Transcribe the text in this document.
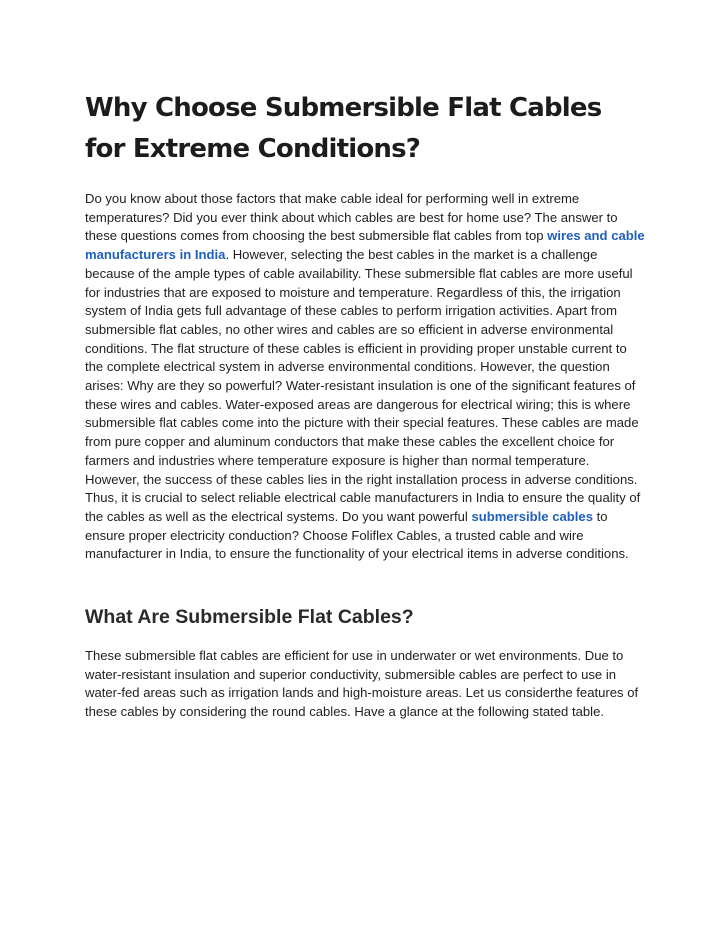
Why Choose Submersible Flat Cables for Extreme Conditions?

Do you know about those factors that make cable ideal for performing well in extreme temperatures? Did you ever think about which cables are best for home use? The answer to these questions comes from choosing the best submersible flat cables from top wires and cable manufacturers in India. However, selecting the best cables in the market is a challenge because of the ample types of cable availability. These submersible flat cables are more useful for industries that are exposed to moisture and temperature. Regardless of this, the irrigation system of India gets full advantage of these cables to perform irrigation activities. Apart from submersible flat cables, no other wires and cables are so efficient in adverse environmental conditions. The flat structure of these cables is efficient in providing proper unstable current to the complete electrical system in adverse environmental conditions. However, the question arises: Why are they so powerful? Water-resistant insulation is one of the significant features of these wires and cables. Water-exposed areas are dangerous for electrical wiring; this is where submersible flat cables come into the picture with their special features. These cables are made from pure copper and aluminum conductors that make these cables the excellent choice for farmers and industries where temperature exposure is higher than normal temperature. However, the success of these cables lies in the right installation process in adverse conditions. Thus, it is crucial to select reliable electrical cable manufacturers in India to ensure the quality of the cables as well as the electrical systems. Do you want powerful submersible cables to ensure proper electricity conduction? Choose Foliflex Cables, a trusted cable and wire manufacturer in India, to ensure the functionality of your electrical items in adverse conditions.

What Are Submersible Flat Cables?

These submersible flat cables are efficient for use in underwater or wet environments. Due to water-resistant insulation and superior conductivity, submersible cables are perfect to use in water-fed areas such as irrigation lands and high-moisture areas. Let us considerthe features of these cables by considering the round cables. Have a glance at the following stated table.
